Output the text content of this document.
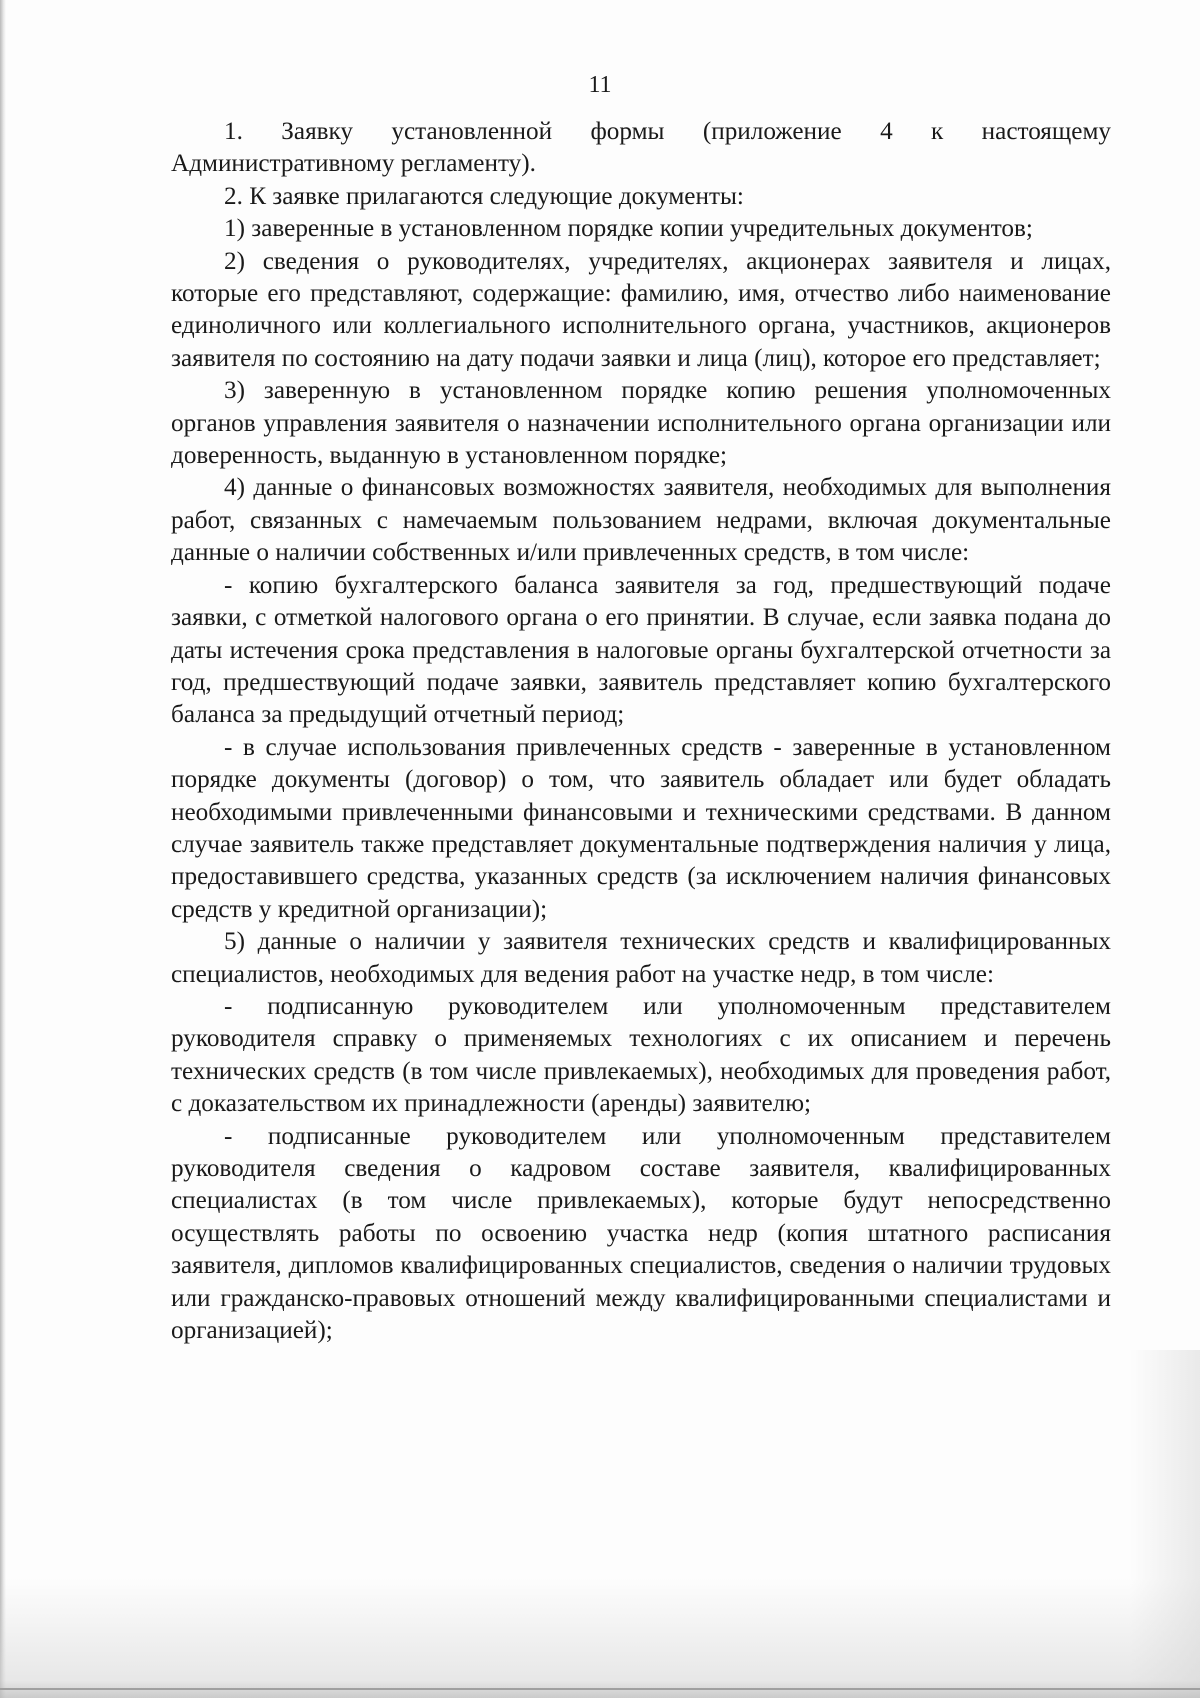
11

1. Заявку установленной формы (приложение 4 к настоящему Административному регламенту).

2. К заявке прилагаются следующие документы:

1) заверенные в установленном порядке копии учредительных документов;

2) сведения о руководителях, учредителях, акционерах заявителя и лицах, которые его представляют, содержащие: фамилию, имя, отчество либо наименование единоличного или коллегиального исполнительного органа, участников, акционеров заявителя по состоянию на дату подачи заявки и лица (лиц), которое его представляет;

3) заверенную в установленном порядке копию решения уполномоченных органов управления заявителя о назначении исполнительного органа организации или доверенность, выданную в установленном порядке;

4) данные о финансовых возможностях заявителя, необходимых для выполнения работ, связанных с намечаемым пользованием недрами, включая документальные данные о наличии собственных и/или привлеченных средств, в том числе:

- копию бухгалтерского баланса заявителя за год, предшествующий подаче заявки, с отметкой налогового органа о его принятии. В случае, если заявка подана до даты истечения срока представления в налоговые органы бухгалтерской отчетности за год, предшествующий подаче заявки, заявитель представляет копию бухгалтерского баланса за предыдущий отчетный период;

- в случае использования привлеченных средств - заверенные в установленном порядке документы (договор) о том, что заявитель обладает или будет обладать необходимыми привлеченными финансовыми и техническими средствами. В данном случае заявитель также представляет документальные подтверждения наличия у лица, предоставившего средства, указанных средств (за исключением наличия финансовых средств у кредитной организации);

5) данные о наличии у заявителя технических средств и квалифицированных специалистов, необходимых для ведения работ на участке недр, в том числе:

- подписанную руководителем или уполномоченным представителем руководителя справку о применяемых технологиях с их описанием и перечень технических средств (в том числе привлекаемых), необходимых для проведения работ, с доказательством их принадлежности (аренды) заявителю;

- подписанные руководителем или уполномоченным представителем руководителя сведения о кадровом составе заявителя, квалифицированных специалистах (в том числе привлекаемых), которые будут непосредственно осуществлять работы по освоению участка недр (копия штатного расписания заявителя, дипломов квалифицированных специалистов, сведения о наличии трудовых или гражданско-правовых отношений между квалифицированными специалистами и организацией);
